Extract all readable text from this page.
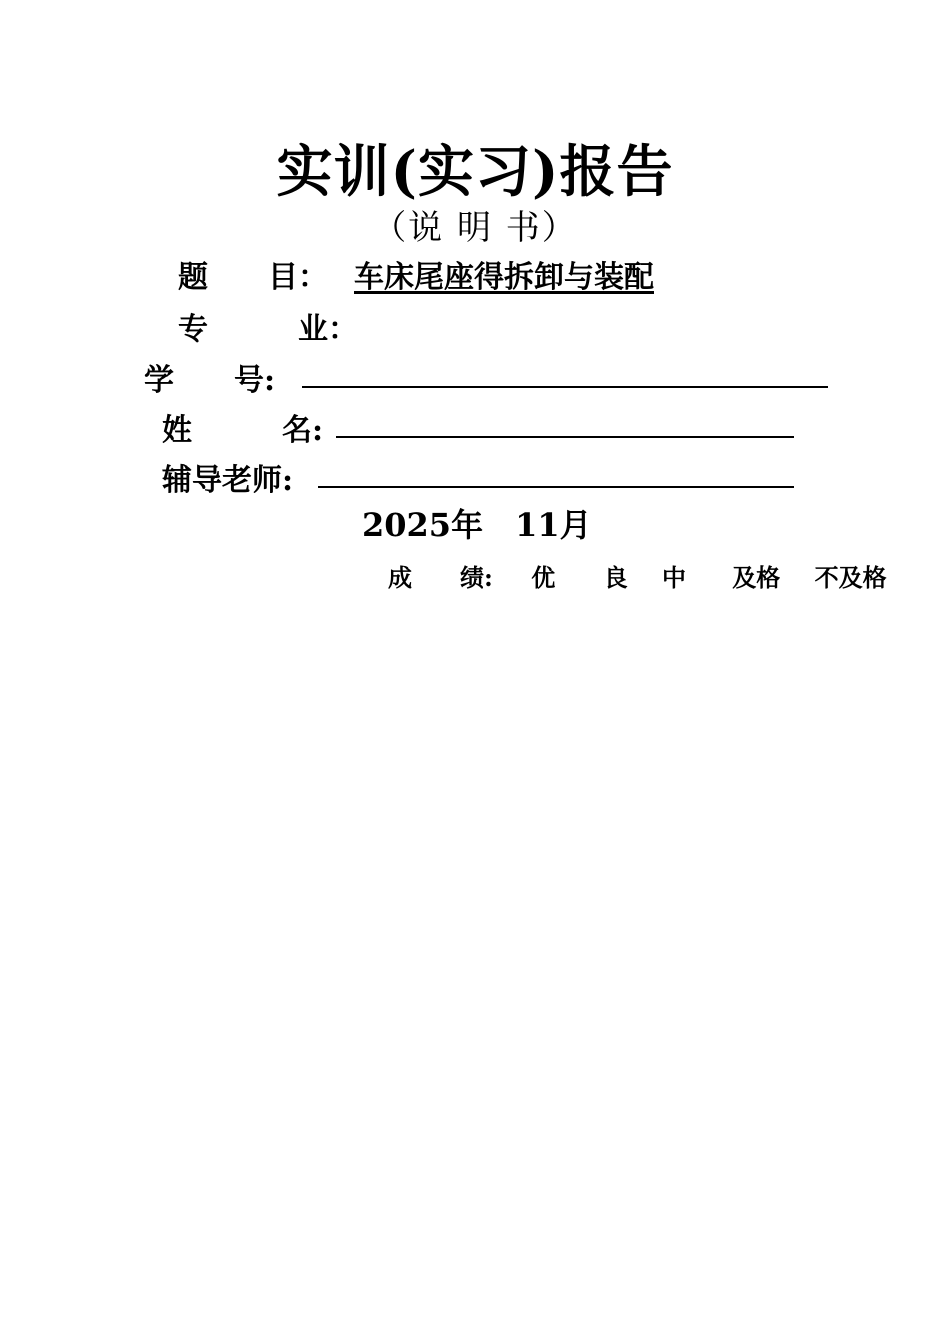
实训(实习)报告
（说 明 书）
题　　目： 车床尾座得拆卸与装配
专　　　业：
学　　号:
姓　　　名:
辅导老师:
2025年　11月
成　　绩: 优 良 中 及格 不及格
